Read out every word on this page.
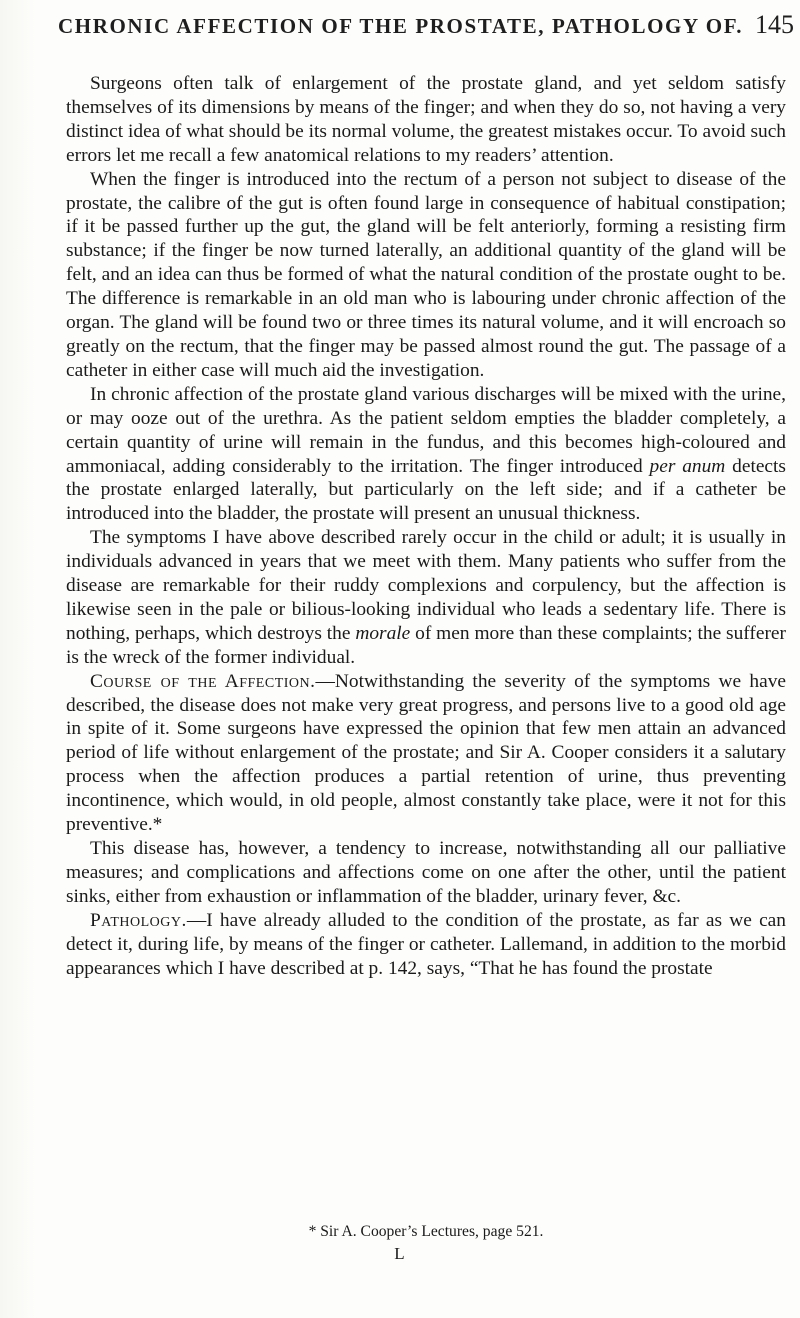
CHRONIC AFFECTION OF THE PROSTATE, PATHOLOGY OF. 145

Surgeons often talk of enlargement of the prostate gland, and yet seldom satisfy themselves of its dimensions by means of the finger; and when they do so, not having a very distinct idea of what should be its normal volume, the greatest mistakes occur. To avoid such errors let me recall a few anatomical relations to my readers’ attention.

When the finger is introduced into the rectum of a person not subject to disease of the prostate, the calibre of the gut is often found large in consequence of habitual constipation; if it be passed further up the gut, the gland will be felt anteriorly, forming a resisting firm substance; if the finger be now turned laterally, an additional quantity of the gland will be felt, and an idea can thus be formed of what the natural condition of the prostate ought to be. The difference is remarkable in an old man who is labouring under chronic affection of the organ. The gland will be found two or three times its natural volume, and it will encroach so greatly on the rectum, that the finger may be passed almost round the gut. The passage of a catheter in either case will much aid the investigation.

In chronic affection of the prostate gland various discharges will be mixed with the urine, or may ooze out of the urethra. As the patient seldom empties the bladder completely, a certain quantity of urine will remain in the fundus, and this becomes high-coloured and ammoniacal, adding considerably to the irritation. The finger introduced per anum detects the prostate enlarged laterally, but particularly on the left side; and if a catheter be introduced into the bladder, the prostate will present an unusual thickness.

The symptoms I have above described rarely occur in the child or adult; it is usually in individuals advanced in years that we meet with them. Many patients who suffer from the disease are remarkable for their ruddy complexions and corpulency, but the affection is likewise seen in the pale or bilious-looking individual who leads a sedentary life. There is nothing, perhaps, which destroys the morale of men more than these complaints; the sufferer is the wreck of the former individual.

Course of the Affection.—Notwithstanding the severity of the symptoms we have described, the disease does not make very great progress, and persons live to a good old age in spite of it. Some surgeons have expressed the opinion that few men attain an advanced period of life without enlargement of the prostate; and Sir A. Cooper considers it a salutary process when the affection produces a partial retention of urine, thus preventing incontinence, which would, in old people, almost constantly take place, were it not for this preventive.*

This disease has, however, a tendency to increase, notwithstanding all our palliative measures; and complications and affections come on one after the other, until the patient sinks, either from exhaustion or inflammation of the bladder, urinary fever, &c.

Pathology.—I have already alluded to the condition of the prostate, as far as we can detect it, during life, by means of the finger or catheter. Lallemand, in addition to the morbid appearances which I have described at p. 142, says, “That he has found the prostate

* Sir A. Cooper’s Lectures, page 521.
L
